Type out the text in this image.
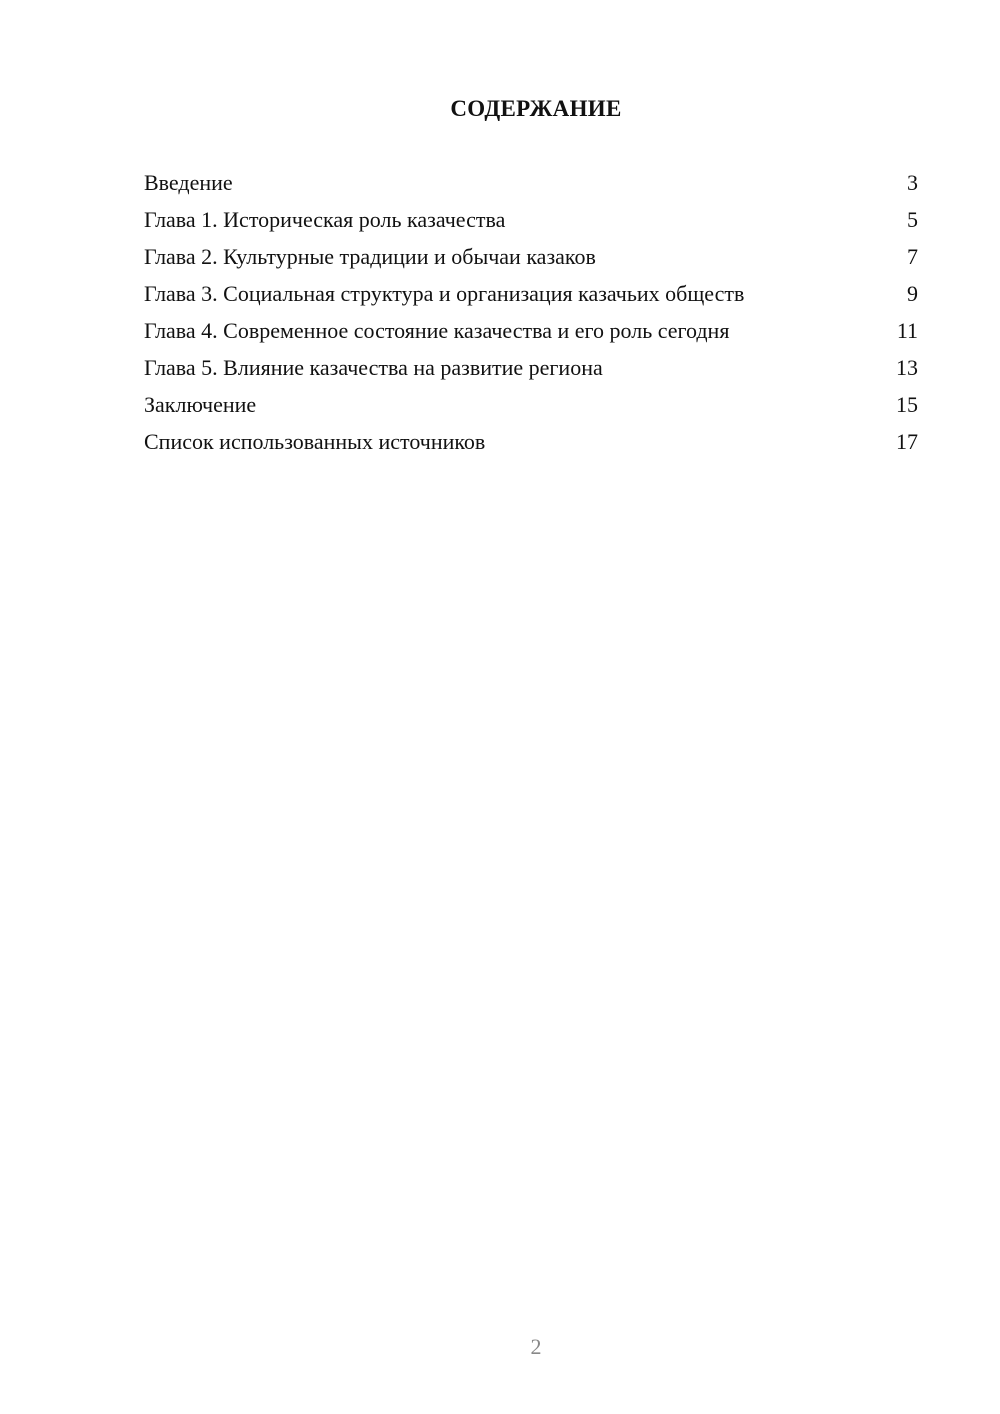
СОДЕРЖАНИЕ
Введение	3
Глава 1. Историческая роль казачества	5
Глава 2. Культурные традиции и обычаи казаков	7
Глава 3. Социальная структура и организация казачьих обществ	9
Глава 4. Современное состояние казачества и его роль сегодня	11
Глава 5. Влияние казачества на развитие региона	13
Заключение	15
Список использованных источников	17
2
